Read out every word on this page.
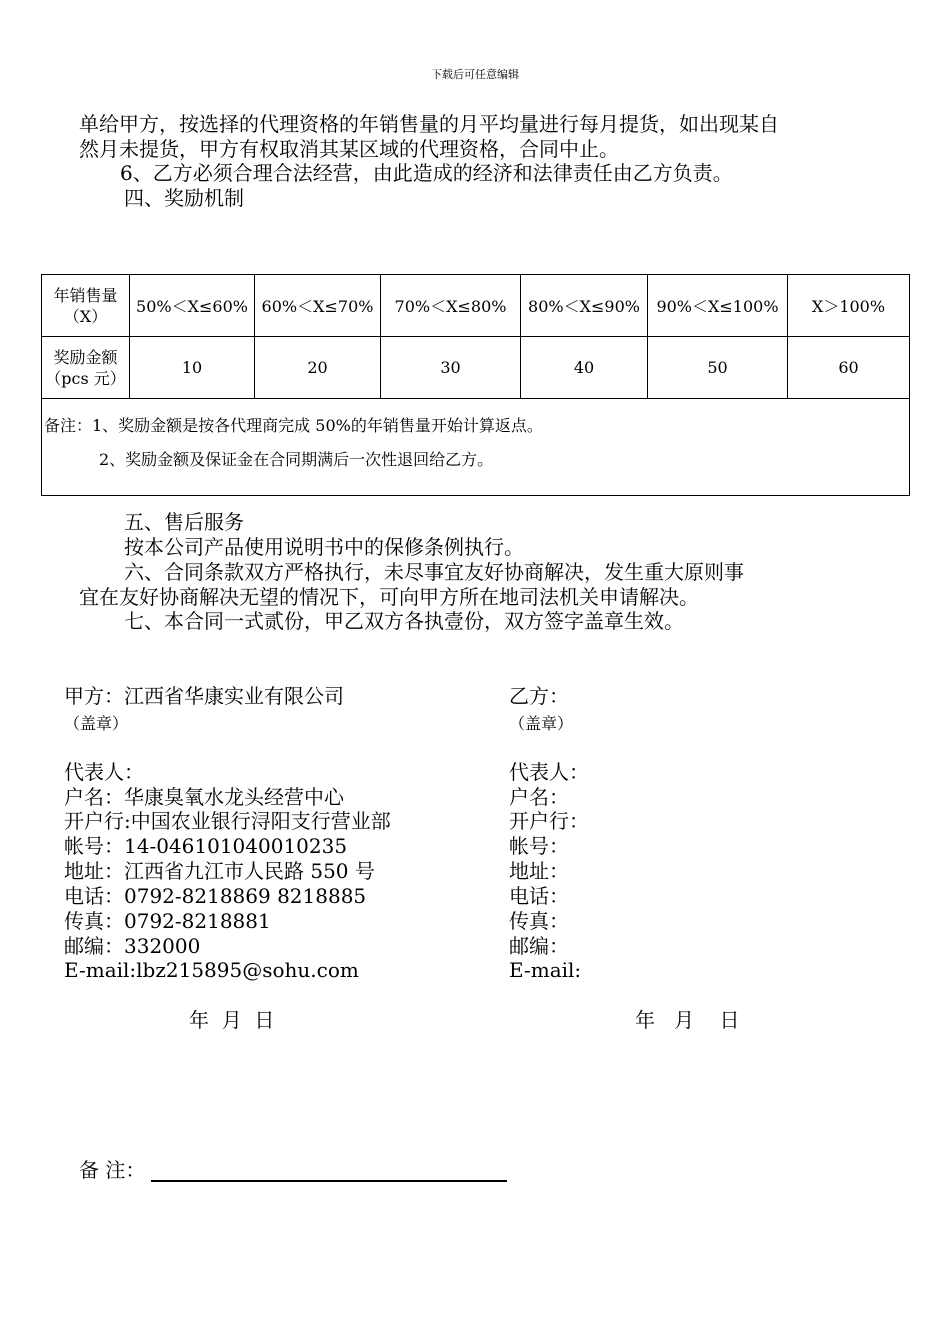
下载后可任意编辑
单给甲方，按选择的代理资格的年销售量的月平均量进行每月提货，如出现某自
然月未提货，甲方有权取消其某区域的代理资格，合同中止。
6、乙方必须合理合法经营，由此造成的经济和法律责任由乙方负责。
四、奖励机制
年销售量
（X）	50%＜X≤60%	60%＜X≤70%	70%＜X≤80%	80%＜X≤90%	90%＜X≤100%	X＞100%

奖励金额
（pcs 元）	10	20	30	40	50	60

备注：1、奖励金额是按各代理商完成 50%的年销售量开始计算返点。
2、奖励金额及保证金在合同期满后一次性退回给乙方。						
五、售后服务
按本公司产品使用说明书中的保修条例执行。
六、合同条款双方严格执行，未尽事宜友好协商解决，发生重大原则事
宜在友好协商解决无望的情况下，可向甲方所在地司法机关申请解决。
七、本合同一式贰份，甲乙双方各执壹份，双方签字盖章生效。
甲方：江西省华康实业有限公司
（盖章）
代表人：
户名：华康臭氧水龙头经营中心
开户行:中国农业银行浔阳支行营业部
帐号：14-046101040010235
地址：江西省九江市人民路 550 号
电话：0792-8218869 8218885
传真：0792-8218881
邮编：332000
E-mail:lbz215895@sohu.com
年  月  日
乙方：
（盖章）
代表人：
户名：
开户行：
帐号：
地址：
电话：
传真：
邮编：
E-mail:
年   月    日
备 注：
